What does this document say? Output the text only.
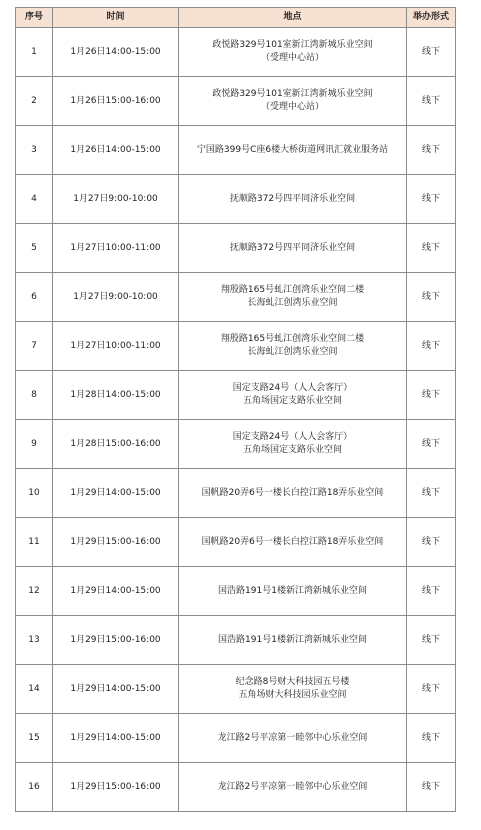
序号	时间	地点	举办形式
1	1月26日14:00-15:00	政悦路329号101室新江湾新城乐业空间
（受理中心站）	线下
2	1月26日15:00-16:00	政悦路329号101室新江湾新城乐业空间
（受理中心站）	线下
3	1月26日14:00-15:00	宁国路399号C座6楼大桥街道网讯汇就业服务站	线下
4	1月27日9:00-10:00	抚顺路372号四平同济乐业空间	线下
5	1月27日10:00-11:00	抚顺路372号四平同济乐业空间	线下
6	1月27日9:00-10:00	翔殷路165号虬江创湾乐业空间二楼
长海虬江创湾乐业空间	线下
7	1月27日10:00-11:00	翔殷路165号虬江创湾乐业空间二楼
长海虬江创湾乐业空间	线下
8	1月28日14:00-15:00	国定支路24号（人人会客厅）
五角场国定支路乐业空间	线下
9	1月28日15:00-16:00	国定支路24号（人人会客厅）
五角场国定支路乐业空间	线下
10	1月29日14:00-15:00	国帆路20弄6号一楼长白控江路18弄乐业空间	线下
11	1月29日15:00-16:00	国帆路20弄6号一楼长白控江路18弄乐业空间	线下
12	1月29日14:00-15:00	国浩路191号1楼新江湾新城乐业空间	线下
13	1月29日15:00-16:00	国浩路191号1楼新江湾新城乐业空间	线下
14	1月29日14:00-15:00	纪念路8号财大科技园五号楼
五角场财大科技园乐业空间	线下
15	1月29日14:00-15:00	龙江路2号平凉第一睦邻中心乐业空间	线下
16	1月29日15:00-16:00	龙江路2号平凉第一睦邻中心乐业空间	线下
